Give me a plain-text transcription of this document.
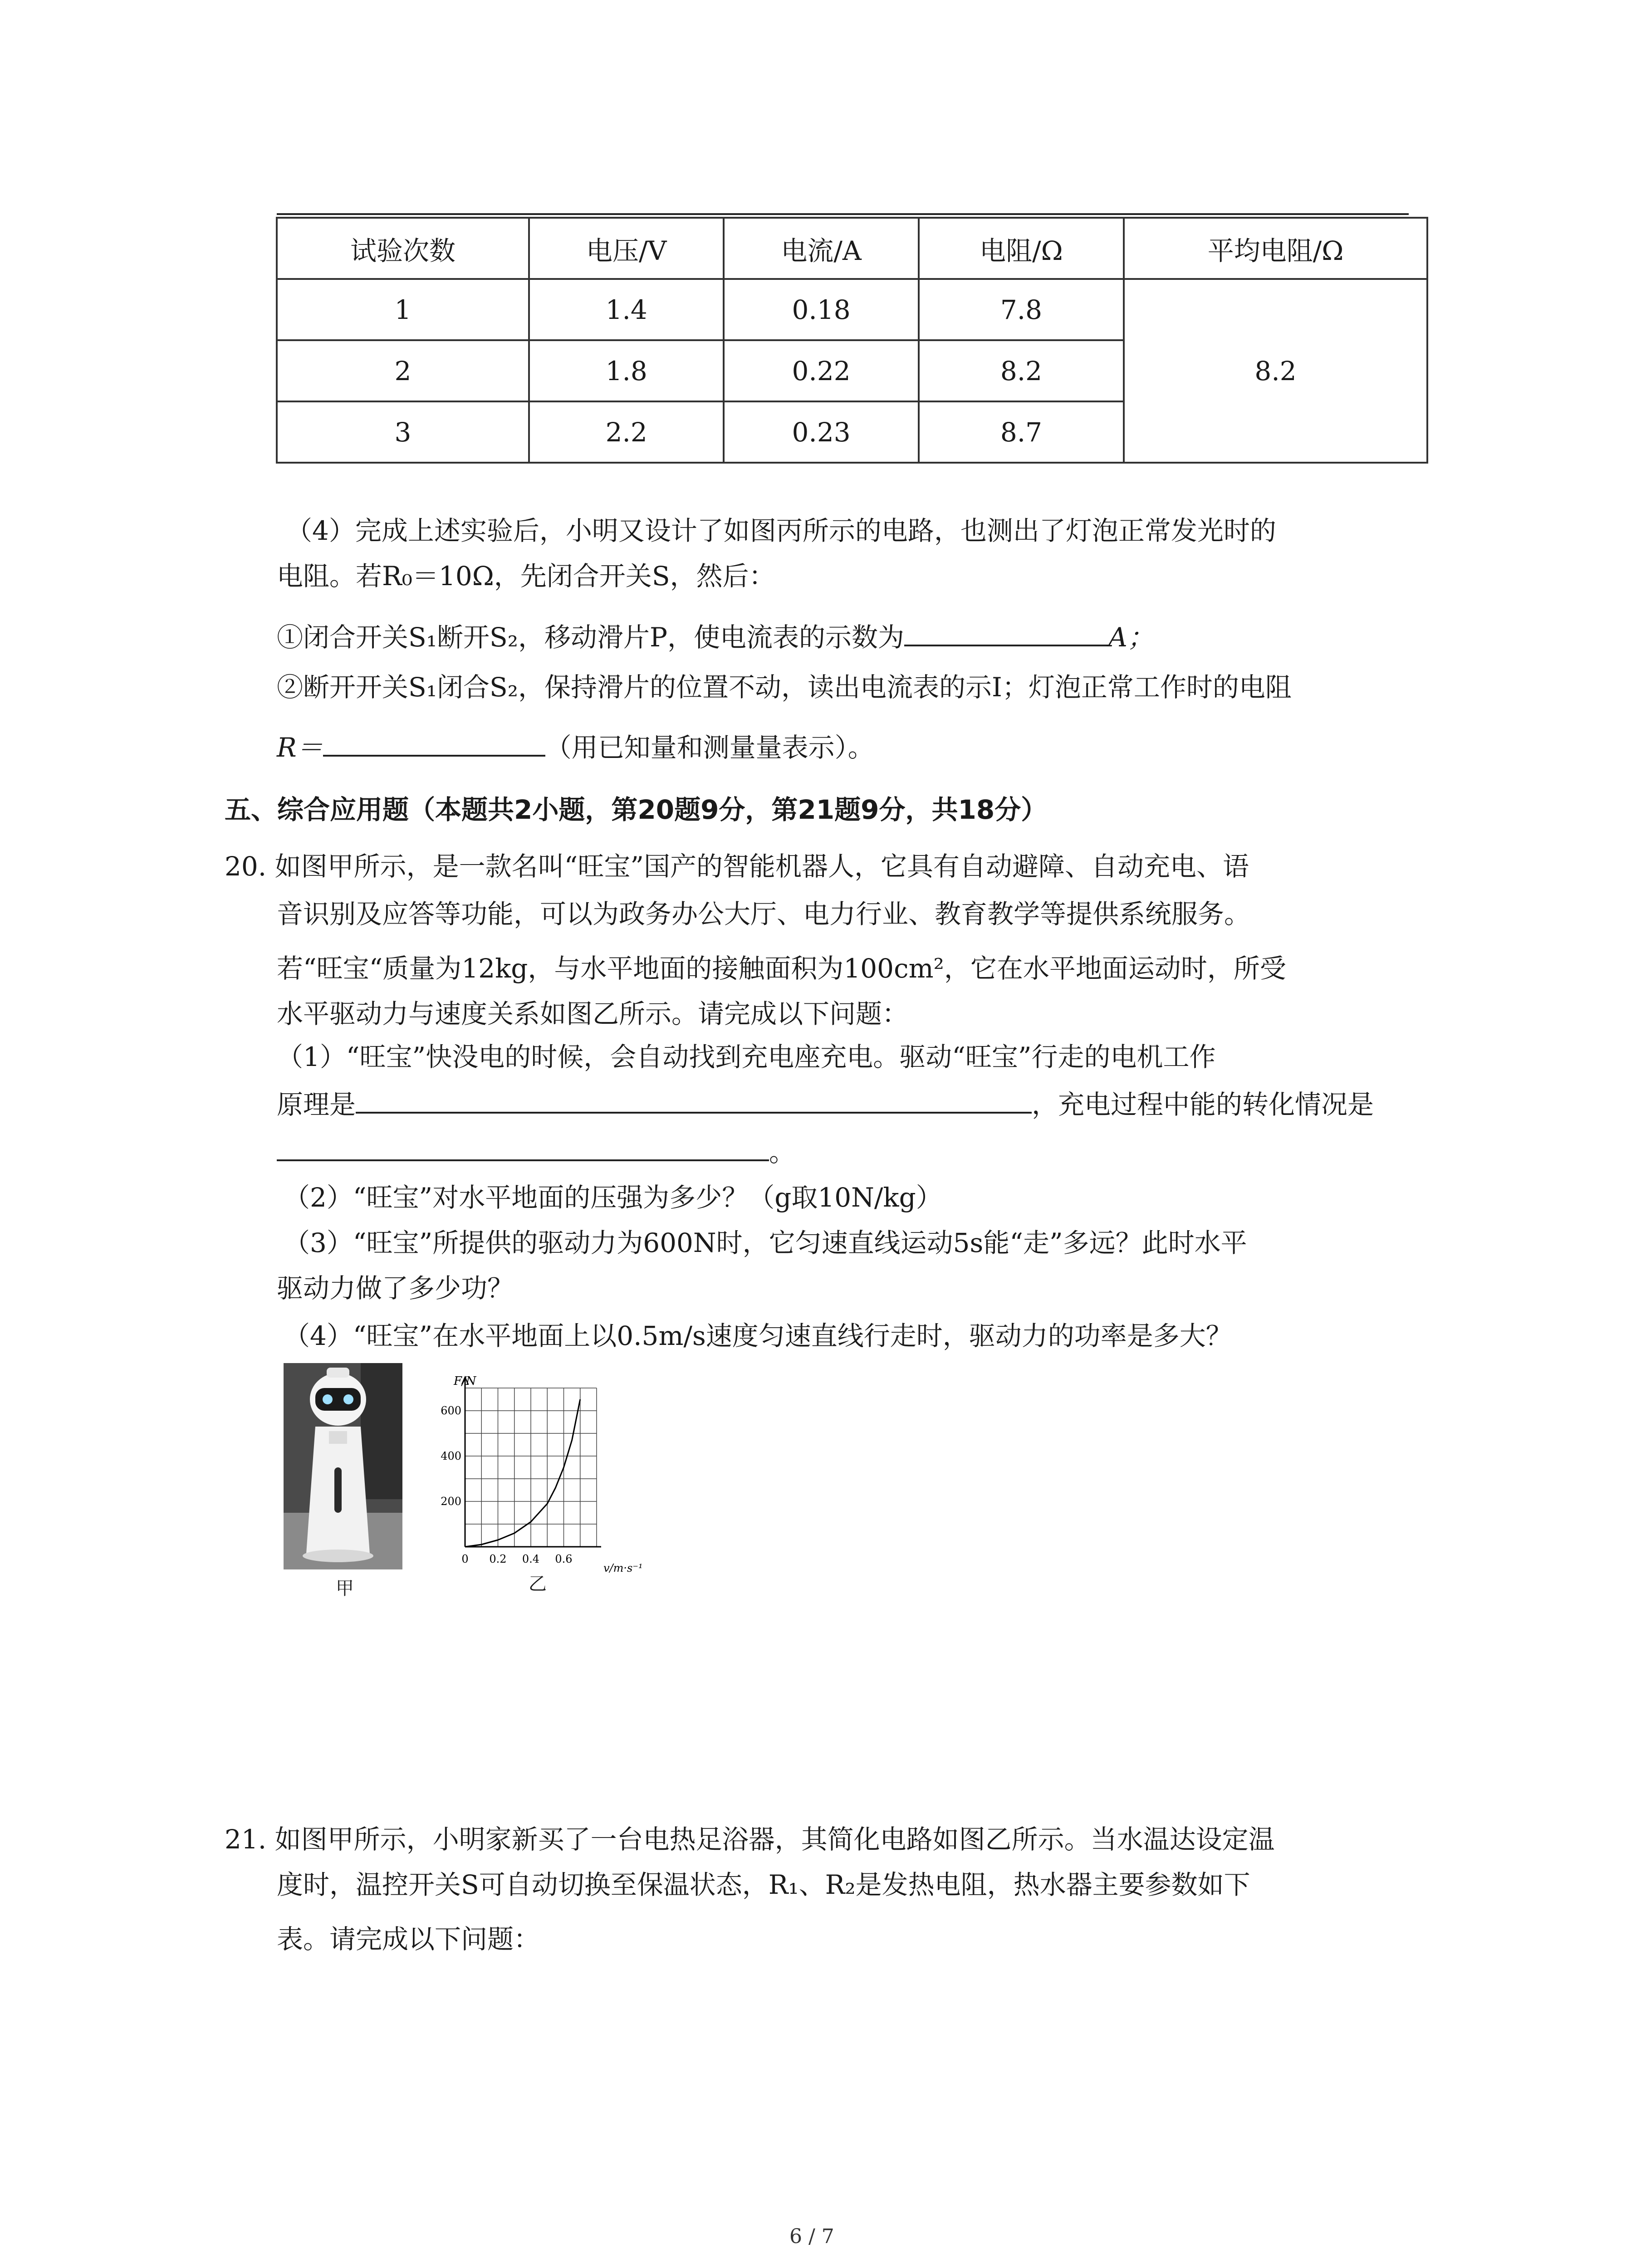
试验次数	电压/V	电流/A	电阻/Ω	平均电阻/Ω
1	1.4	0.18	7.8	8.2
2	1.8	0.22	8.2	
3	2.2	0.23	8.7	
（4）完成上述实验后，小明又设计了如图丙所示的电路，也测出了灯泡正常发光时的
电阻。若R₀＝10Ω，先闭合开关S，然后：
①闭合开关S₁断开S₂，移动滑片P，使电流表的示数为	A；
②断开开关S₁闭合S₂，保持滑片的位置不动，读出电流表的示I；灯泡正常工作时的电阻
R＝	（用已知量和测量量表示）。
五、综合应用题（本题共2小题，第20题9分，第21题9分，共18分）
20. 如图甲所示，是一款名叫“旺宝”国产的智能机器人，它具有自动避障、自动充电、语
音识别及应答等功能，可以为政务办公大厅、电力行业、教育教学等提供系统服务。
若“旺宝“质量为12kg，与水平地面的接触面积为100cm²，它在水平地面运动时，所受
水平驱动力与速度关系如图乙所示。请完成以下问题：
（1）“旺宝”快没电的时候，会自动找到充电座充电。驱动“旺宝”行走的电机工作
原理是	，充电过程中能的转化情况是
。
（2）“旺宝”对水平地面的压强为多少？（g取10N/kg）
（3）“旺宝”所提供的驱动力为600N时，它匀速直线运动5s能“走”多远？此时水平
驱动力做了多少功？
（4）“旺宝”在水平地面上以0.5m/s速度匀速直线行走时，驱动力的功率是多大？
甲
0 0.2 0.4 0.6
200
400
600
F/N
v/m·s⁻¹
乙
21. 如图甲所示，小明家新买了一台电热足浴器，其简化电路如图乙所示。当水温达设定温
度时，温控开关S可自动切换至保温状态，R₁、R₂是发热电阻，热水器主要参数如下
表。请完成以下问题：
6 / 7
